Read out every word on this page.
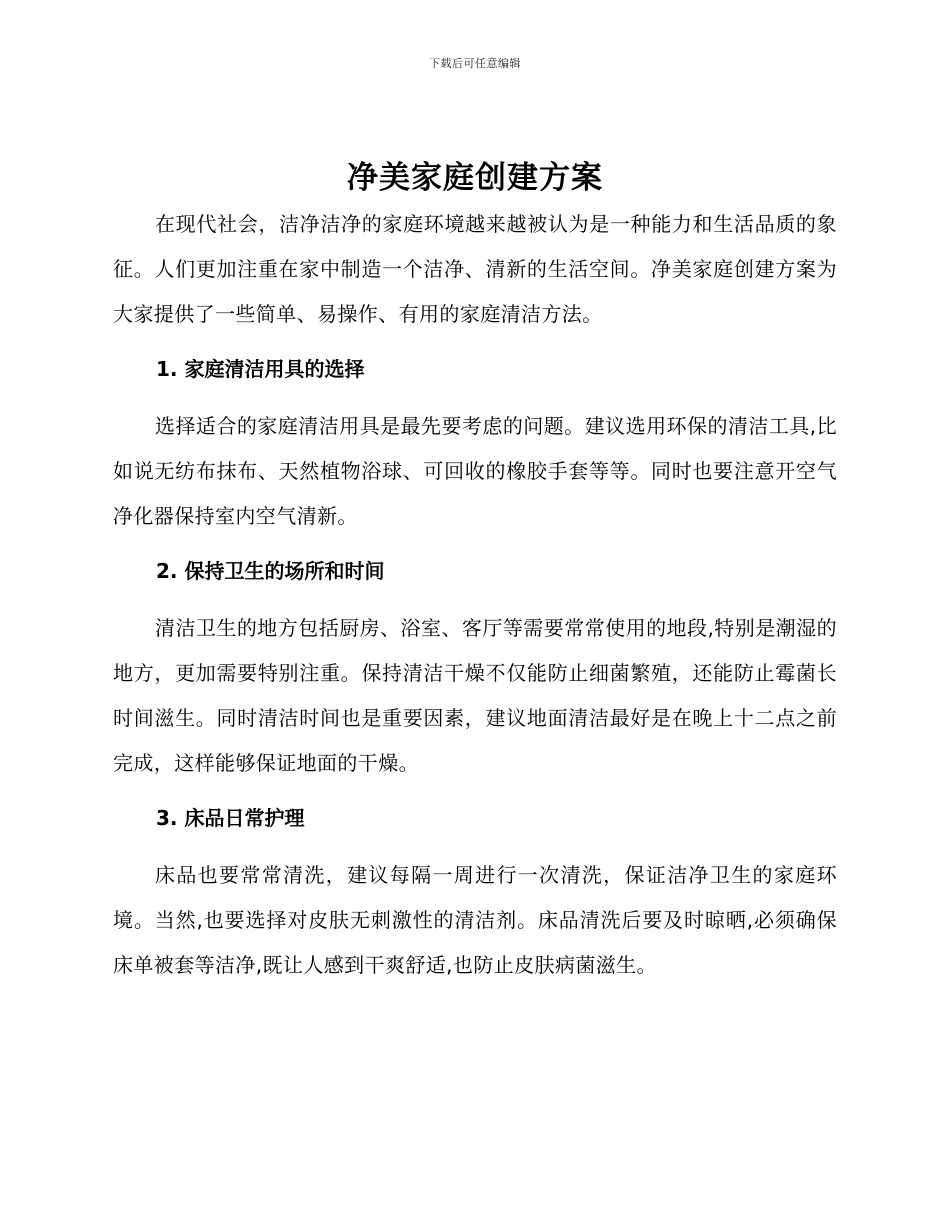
下载后可任意编辑
净美家庭创建方案

在现代社会，洁净洁净的家庭环境越来越被认为是一种能力和生活品质的象征。人们更加注重在家中制造一个洁净、清新的生活空间。净美家庭创建方案为大家提供了一些简单、易操作、有用的家庭清洁方法。

1. 家庭清洁用具的选择

选择适合的家庭清洁用具是最先要考虑的问题。建议选用环保的清洁工具,比如说无纺布抹布、天然植物浴球、可回收的橡胶手套等等。同时也要注意开空气净化器保持室内空气清新。

2. 保持卫生的场所和时间

清洁卫生的地方包括厨房、浴室、客厅等需要常常使用的地段,特别是潮湿的地方，更加需要特别注重。保持清洁干燥不仅能防止细菌繁殖，还能防止霉菌长时间滋生。同时清洁时间也是重要因素，建议地面清洁最好是在晚上十二点之前完成，这样能够保证地面的干燥。

3. 床品日常护理

床品也要常常清洗，建议每隔一周进行一次清洗，保证洁净卫生的家庭环境。当然,也要选择对皮肤无刺激性的清洁剂。床品清洗后要及时晾晒,必须确保床单被套等洁净,既让人感到干爽舒适,也防止皮肤病菌滋生。
